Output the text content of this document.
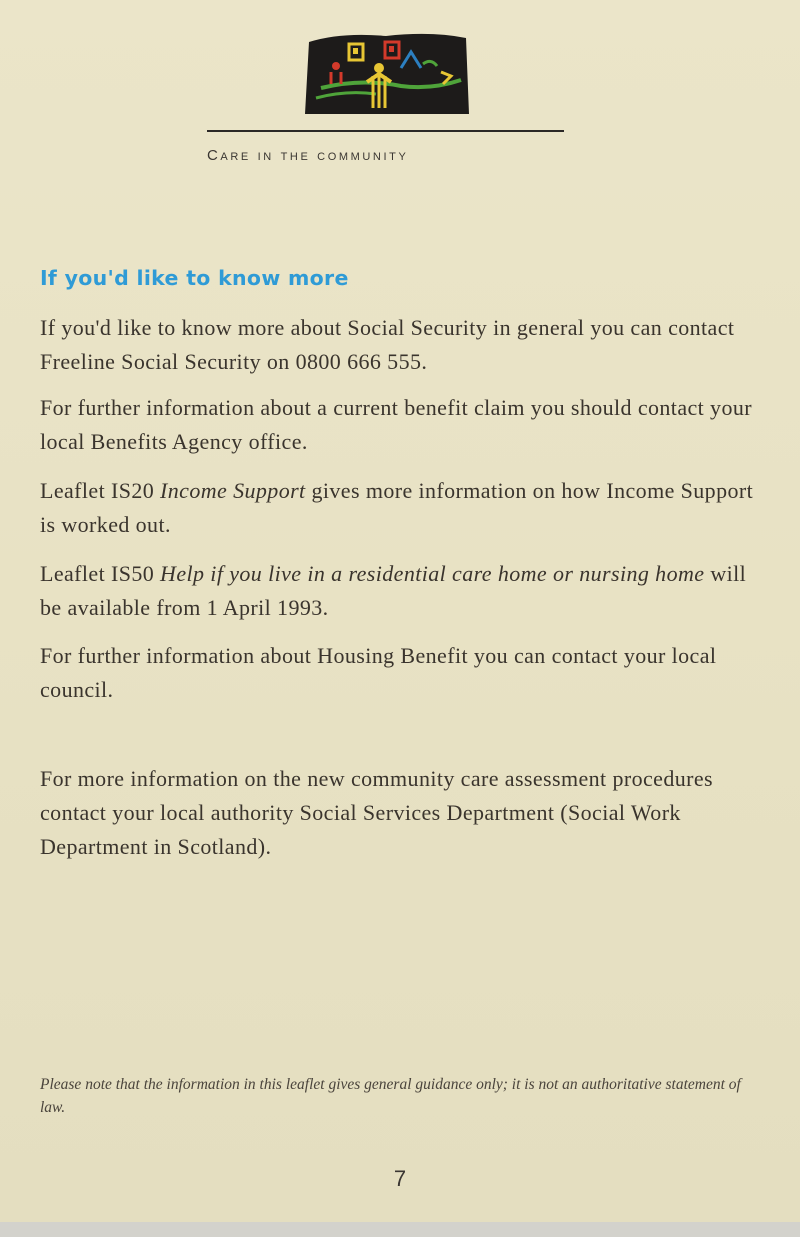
Care in the community
If you'd like to know more
If you'd like to know more about Social Security in general you can contact Freeline Social Security on 0800 666 555.
For further information about a current benefit claim you should contact your local Benefits Agency office.
Leaflet IS20 Income Support gives more information on how Income Support is worked out.
Leaflet IS50 Help if you live in a residential care home or nursing home will be available from 1 April 1993.
For further information about Housing Benefit you can contact your local council.
For more information on the new community care assessment procedures contact your local authority Social Services Department (Social Work Department in Scotland).
Please note that the information in this leaflet gives general guidance only; it is not an authoritative statement of law.
7
